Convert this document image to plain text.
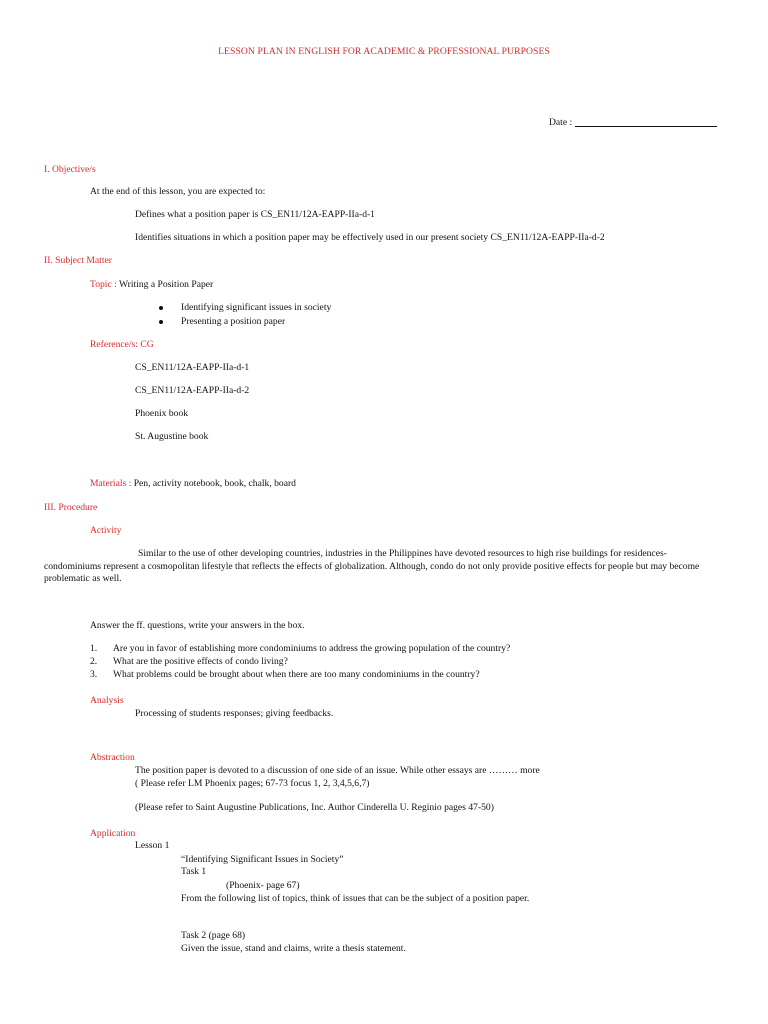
LESSON PLAN IN ENGLISH FOR ACADEMIC & PROFESSIONAL PURPOSES
Date :
I. Objective/s
At the end of this lesson, you are expected to:
Defines what a position paper is CS_EN11/12A-EAPP-IIa-d-1
Identifies situations in which a position paper may be effectively used in our present society CS_EN11/12A-EAPP-IIa-d-2
II. Subject Matter
Topic : Writing a Position Paper
Identifying significant issues in society
Presenting a position paper
Reference/s: CG
CS_EN11/12A-EAPP-IIa-d-1
CS_EN11/12A-EAPP-IIa-d-2
Phoenix book
St. Augustine book
Materials : Pen, activity notebook, book, chalk, board
III. Procedure
Activity
Similar to the use of other developing countries, industries in the Philippines have devoted resources to high rise buildings for residences-condominiums represent a cosmopolitan lifestyle that reflects the effects of globalization. Although, condo do not only provide positive effects for people but may become problematic as well.
Answer the ff. questions, write your answers in the box.
1. Are you in favor of establishing more condominiums to address the growing population of the country?
2. What are the positive effects of condo living?
3. What problems could be brought about when there are too many condominiums in the country?
Analysis
Processing of students responses; giving feedbacks.
Abstraction
The position paper is devoted to a discussion of one side of an issue. While other essays are ……… more
( Please refer LM Phoenix pages; 67-73 focus 1, 2, 3,4,5,6,7)
(Please refer to Saint Augustine Publications, Inc. Author Cinderella U. Reginio pages 47-50)
Application
Lesson 1
“Identifying Significant Issues in Society”
Task 1
(Phoenix- page 67)
From the following list of topics, think of issues that can be the subject of a position paper.
Task 2 (page 68)
Given the issue, stand and claims, write a thesis statement.
